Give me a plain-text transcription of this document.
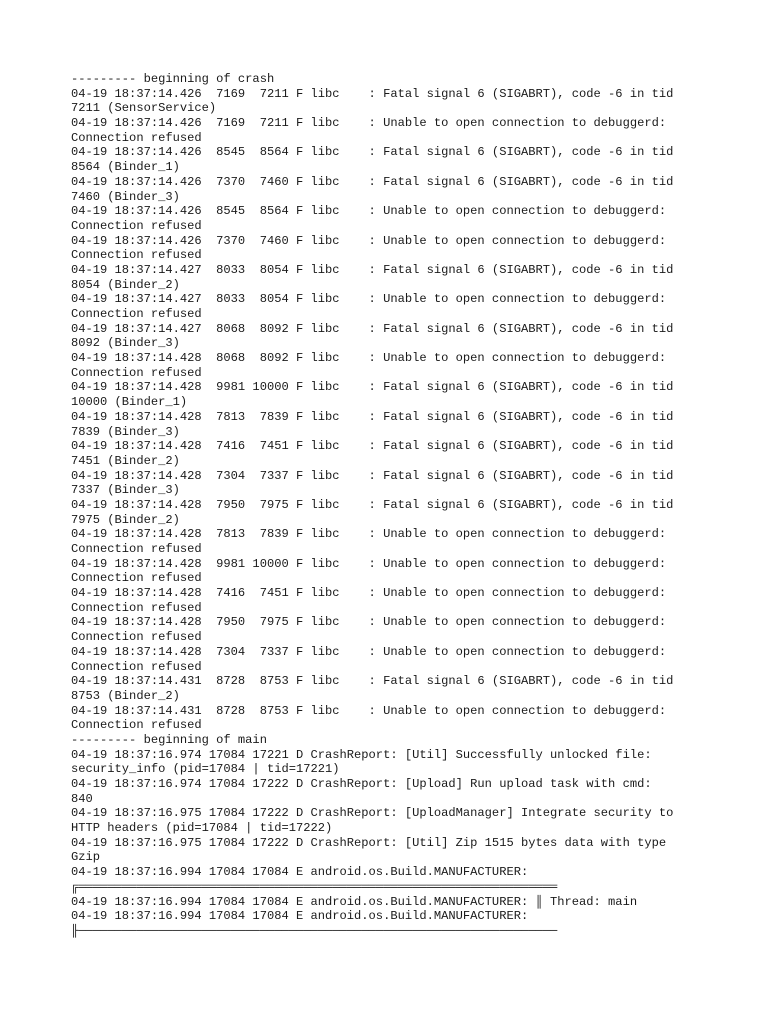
--------- beginning of crash
04-19 18:37:14.426  7169  7211 F libc    : Fatal signal 6 (SIGABRT), code -6 in tid
7211 (SensorService)
04-19 18:37:14.426  7169  7211 F libc    : Unable to open connection to debuggerd:
Connection refused
04-19 18:37:14.426  8545  8564 F libc    : Fatal signal 6 (SIGABRT), code -6 in tid
8564 (Binder_1)
04-19 18:37:14.426  7370  7460 F libc    : Fatal signal 6 (SIGABRT), code -6 in tid
7460 (Binder_3)
04-19 18:37:14.426  8545  8564 F libc    : Unable to open connection to debuggerd:
Connection refused
04-19 18:37:14.426  7370  7460 F libc    : Unable to open connection to debuggerd:
Connection refused
04-19 18:37:14.427  8033  8054 F libc    : Fatal signal 6 (SIGABRT), code -6 in tid
8054 (Binder_2)
04-19 18:37:14.427  8033  8054 F libc    : Unable to open connection to debuggerd:
Connection refused
04-19 18:37:14.427  8068  8092 F libc    : Fatal signal 6 (SIGABRT), code -6 in tid
8092 (Binder_3)
04-19 18:37:14.428  8068  8092 F libc    : Unable to open connection to debuggerd:
Connection refused
04-19 18:37:14.428  9981 10000 F libc    : Fatal signal 6 (SIGABRT), code -6 in tid
10000 (Binder_1)
04-19 18:37:14.428  7813  7839 F libc    : Fatal signal 6 (SIGABRT), code -6 in tid
7839 (Binder_3)
04-19 18:37:14.428  7416  7451 F libc    : Fatal signal 6 (SIGABRT), code -6 in tid
7451 (Binder_2)
04-19 18:37:14.428  7304  7337 F libc    : Fatal signal 6 (SIGABRT), code -6 in tid
7337 (Binder_3)
04-19 18:37:14.428  7950  7975 F libc    : Fatal signal 6 (SIGABRT), code -6 in tid
7975 (Binder_2)
04-19 18:37:14.428  7813  7839 F libc    : Unable to open connection to debuggerd:
Connection refused
04-19 18:37:14.428  9981 10000 F libc    : Unable to open connection to debuggerd:
Connection refused
04-19 18:37:14.428  7416  7451 F libc    : Unable to open connection to debuggerd:
Connection refused
04-19 18:37:14.428  7950  7975 F libc    : Unable to open connection to debuggerd:
Connection refused
04-19 18:37:14.428  7304  7337 F libc    : Unable to open connection to debuggerd:
Connection refused
04-19 18:37:14.431  8728  8753 F libc    : Fatal signal 6 (SIGABRT), code -6 in tid
8753 (Binder_2)
04-19 18:37:14.431  8728  8753 F libc    : Unable to open connection to debuggerd:
Connection refused
--------- beginning of main
04-19 18:37:16.974 17084 17221 D CrashReport: [Util] Successfully unlocked file:
security_info (pid=17084 | tid=17221)
04-19 18:37:16.974 17084 17222 D CrashReport: [Upload] Run upload task with cmd:
840
04-19 18:37:16.975 17084 17222 D CrashReport: [UploadManager] Integrate security to
HTTP headers (pid=17084 | tid=17222)
04-19 18:37:16.975 17084 17222 D CrashReport: [Util] Zip 1515 bytes data with type
Gzip
04-19 18:37:16.994 17084 17084 E android.os.Build.MANUFACTURER:
╔══════════════════════════════════════════════════════════════════
04-19 18:37:16.994 17084 17084 E android.os.Build.MANUFACTURER: ║ Thread: main
04-19 18:37:16.994 17084 17084 E android.os.Build.MANUFACTURER:
╟──────────────────────────────────────────────────────────────────
